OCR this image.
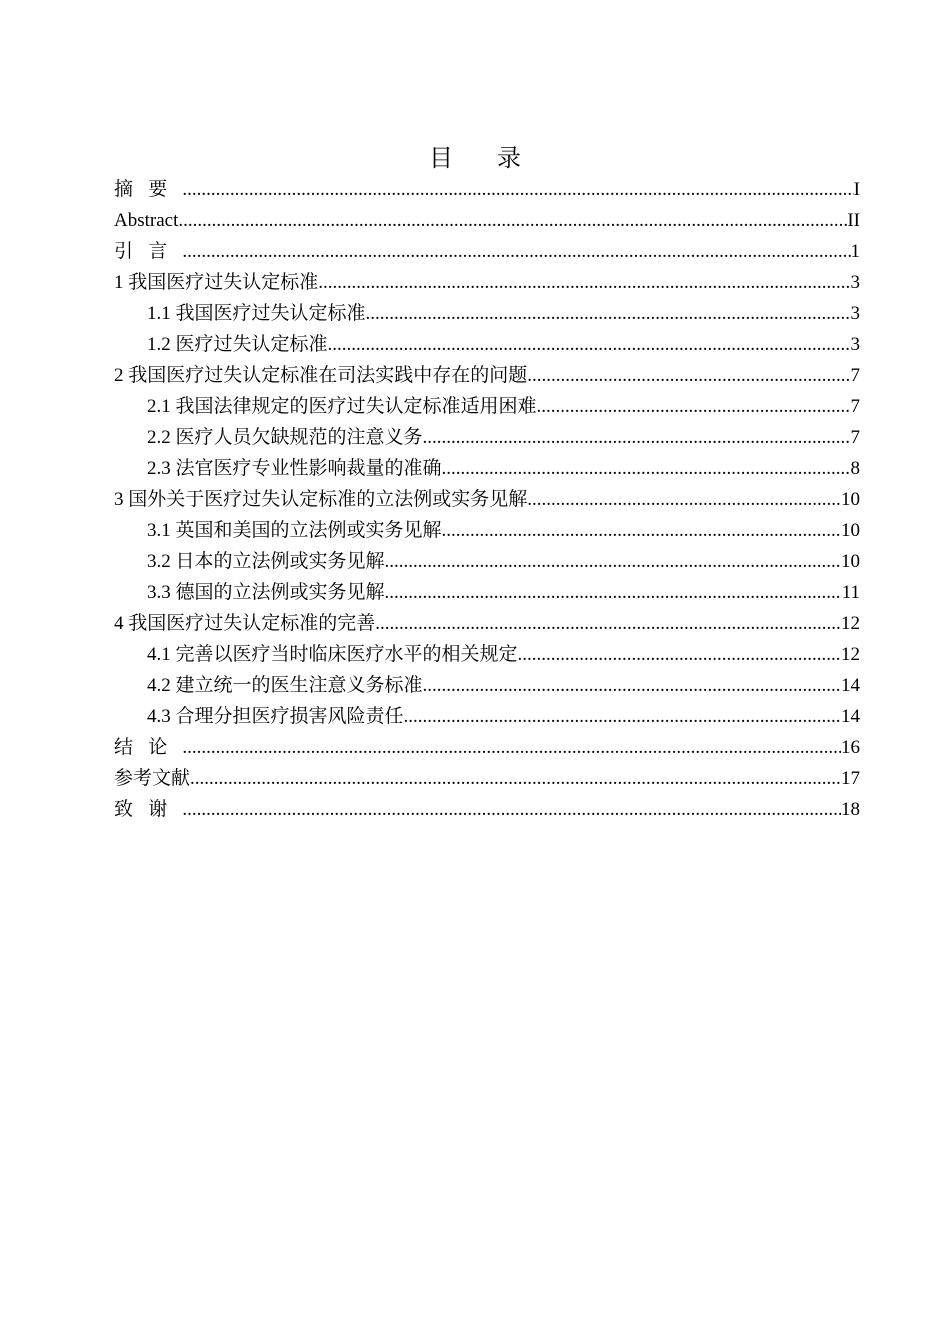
目 录
摘要 .....	I
Abstract .....	II
引言 .....	1
1 我国医疗过失认定标准 .....	3
1.1 我国医疗过失认定标准 .....	3
1.2 医疗过失认定标准 .....	3
2 我国医疗过失认定标准在司法实践中存在的问题 .....	7
2.1 我国法律规定的医疗过失认定标准适用困难 .....	7
2.2 医疗人员欠缺规范的注意义务 .....	7
2.3 法官医疗专业性影响裁量的准确 .....	8
3 国外关于医疗过失认定标准的立法例或实务见解 .....	10
3.1 英国和美国的立法例或实务见解 .....	10
3.2 日本的立法例或实务见解 .....	10
3.3 德国的立法例或实务见解 .....	11
4 我国医疗过失认定标准的完善 .....	12
4.1 完善以医疗当时临床医疗水平的相关规定 .....	12
4.2 建立统一的医生注意义务标准 .....	14
4.3 合理分担医疗损害风险责任 .....	14
结论 .....	16
参考文献 .....	17
致谢 .....	18
